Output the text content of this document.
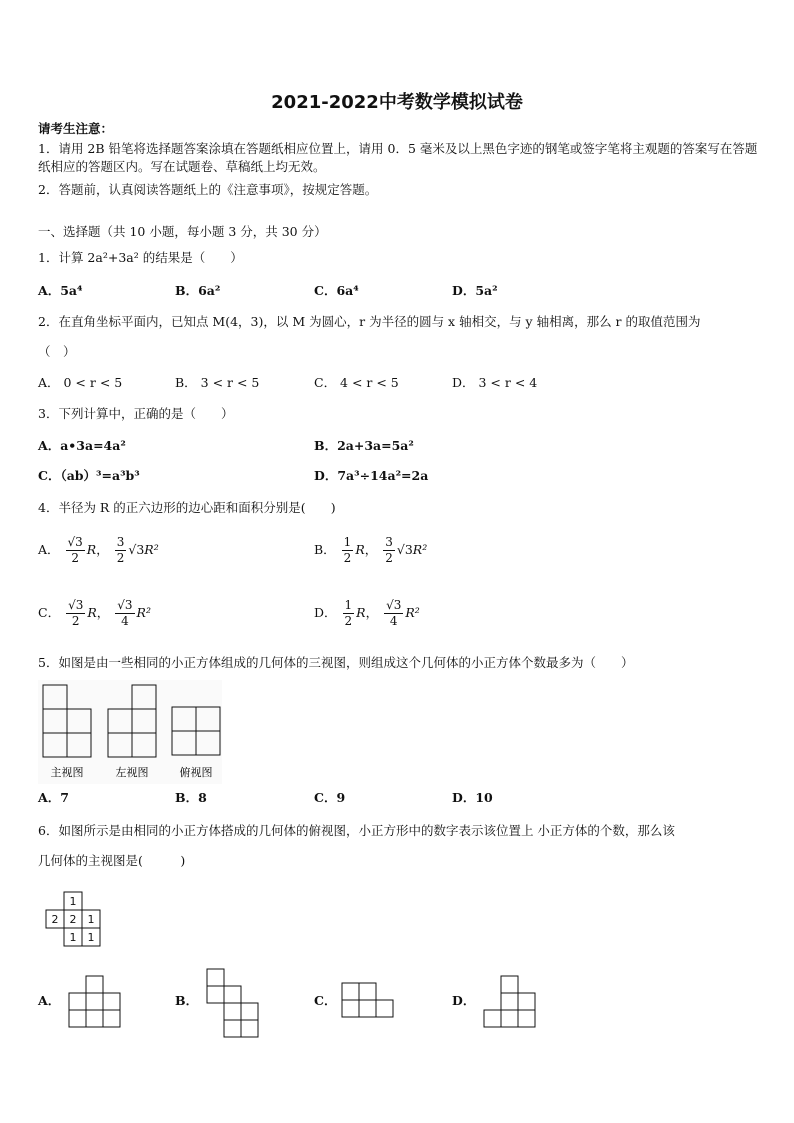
2021-2022中考数学模拟试卷
请考生注意：
1．请用 2B 铅笔将选择题答案涂填在答题纸相应位置上，请用 0．5 毫米及以上黑色字迹的钢笔或签字笔将主观题的答案写在答题纸相应的答题区内。写在试题卷、草稿纸上均无效。
2．答题前，认真阅读答题纸上的《注意事项》，按规定答题。
一、选择题（共 10 小题，每小题 3 分，共 30 分）
1．计算 2a²+3a² 的结果是（　　）
A．5a⁴	B．6a²	C．6a⁴	D．5a²
2．在直角坐标平面内，已知点 M(4，3)，以 M 为圆心，r 为半径的圆与 x 轴相交，与 y 轴相离，那么 r 的取值范围为
（　）
A． 0 < r < 5	B． 3 < r < 5	C． 4 < r < 5	D． 3 < r < 4
3．下列计算中，正确的是（　　）
A．a•3a=4a²	B．2a+3a=5a²
C．（ab）³=a³b³	D．7a³÷14a²=2a
4．半径为 R 的正六边形的边心距和面积分别是(　　)
A． $\frac{√3}{2}$ R， $\frac{3}{2} √3R^2$	B． $\frac{1}{2}$ R， $\frac{3}{2} √3R^2$
C． $\frac{√3}{2}$ R， $\frac{√3}{4} R^2$	D． $\frac{1}{2}$ R， $\frac{√3}{4} R^2$
5．如图是由一些相同的小正方体组成的几何体的三视图，则组成这个几何体的小正方体个数最多为（　　）
主视图	左视图	俯视图
A．7	B．8	C．9	D．10
6．如图所示是由相同的小正方体搭成的几何体的俯视图，小正方形中的数字表示该位置上 小正方体的个数，那么该
几何体的主视图是(　　　)
1
2 2 1
1 1
A．	B．	C．	D．
